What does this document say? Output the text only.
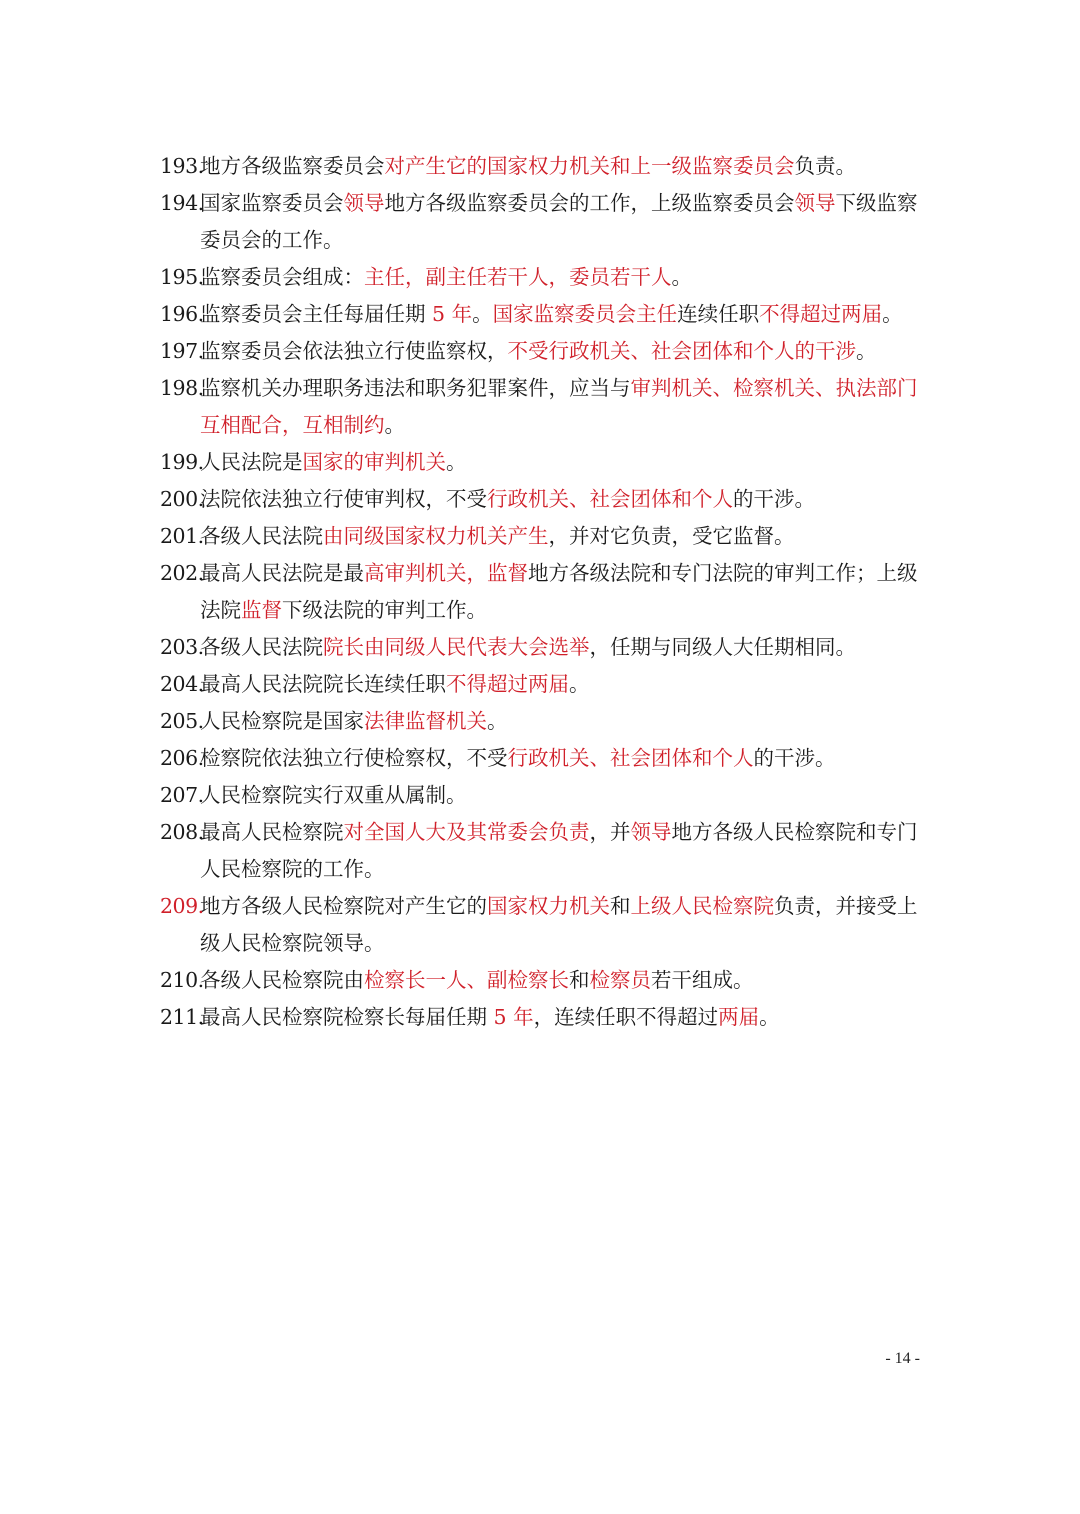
193.
地方各级监察委员会对产生它的国家权力机关和上一级监察委员会负责。
194.
国家监察委员会领导地方各级监察委员会的工作，上级监察委员会领导下级监察委员会的工作。
195.
监察委员会组成：主任，副主任若干人，委员若干人。
196.
监察委员会主任每届任期 5 年。国家监察委员会主任连续任职不得超过两届。
197.
监察委员会依法独立行使监察权，不受行政机关、社会团体和个人的干涉。
198.
监察机关办理职务违法和职务犯罪案件，应当与审判机关、检察机关、执法部门互相配合，互相制约。
199.
人民法院是国家的审判机关。
200.
法院依法独立行使审判权，不受行政机关、社会团体和个人的干涉。
201.
各级人民法院由同级国家权力机关产生，并对它负责，受它监督。
202.
最高人民法院是最高审判机关，监督地方各级法院和专门法院的审判工作；上级法院监督下级法院的审判工作。
203.
各级人民法院院长由同级人民代表大会选举，任期与同级人大任期相同。
204.
最高人民法院院长连续任职不得超过两届。
205.
人民检察院是国家法律监督机关。
206.
检察院依法独立行使检察权，不受行政机关、社会团体和个人的干涉。
207.
人民检察院实行双重从属制。
208.
最高人民检察院对全国人大及其常委会负责，并领导地方各级人民检察院和专门人民检察院的工作。
209.
地方各级人民检察院对产生它的国家权力机关和上级人民检察院负责，并接受上级人民检察院领导。
210.
各级人民检察院由检察长一人、副检察长和检察员若干组成。
211.
最高人民检察院检察长每届任期 5 年，连续任职不得超过两届。
- 14 -
